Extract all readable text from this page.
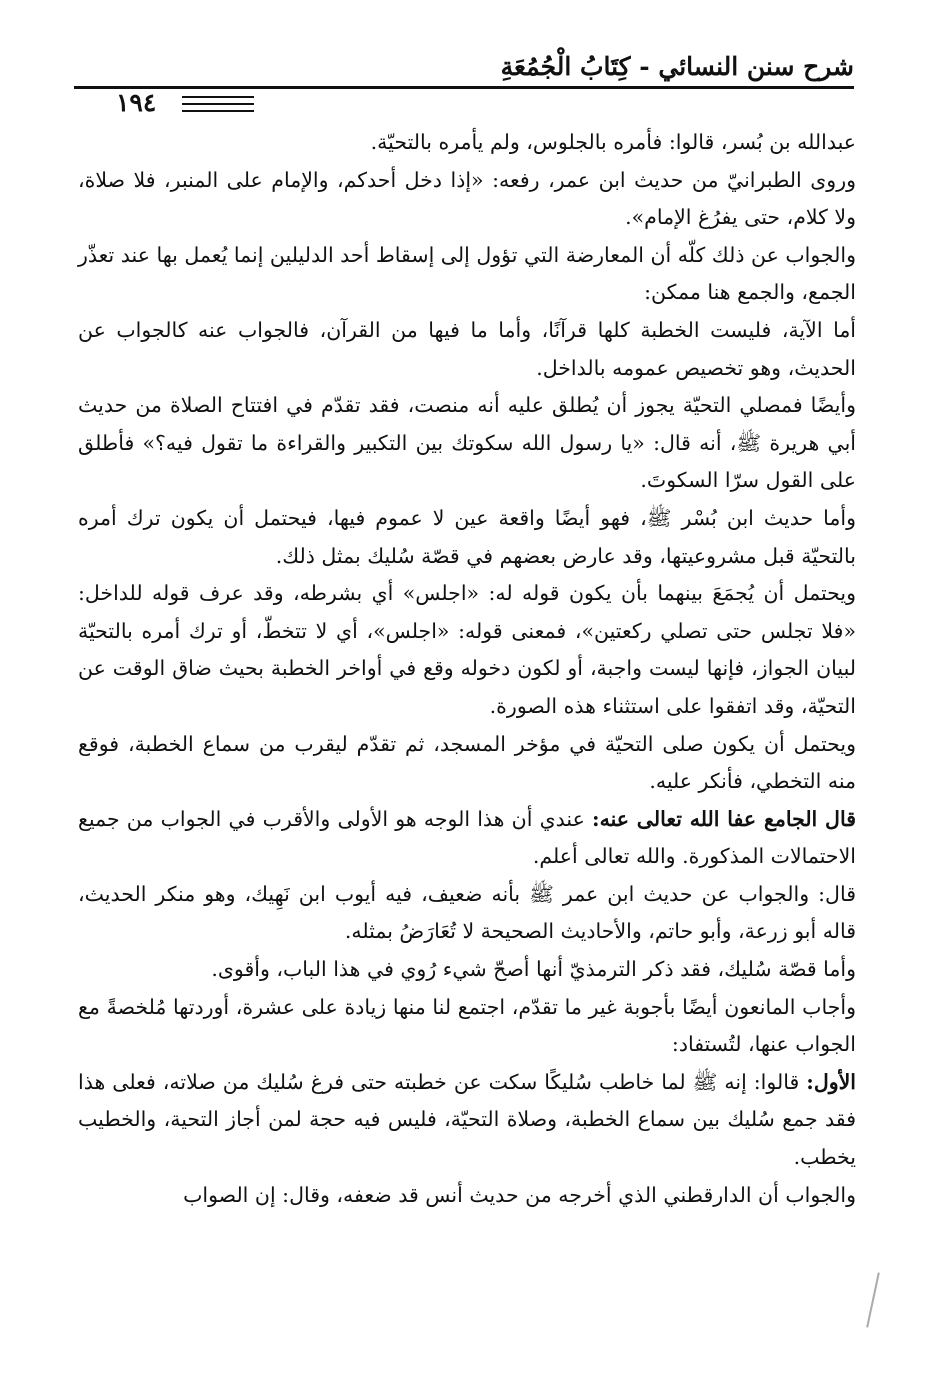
شرح سنن النسائي - كِتَابُ الْجُمُعَةِ
١٩٤

عبدالله بن بُسر، قالوا: فأمره بالجلوس، ولم يأمره بالتحيّة.

وروى الطبرانيّ من حديث ابن عمر، رفعه: «إذا دخل أحدكم، والإمام على المنبر، فلا صلاة، ولا كلام، حتى يفرُغ الإمام».

والجواب عن ذلك كلّه أن المعارضة التي تؤول إلى إسقاط أحد الدليلين إنما يُعمل بها عند تعذّر الجمع، والجمع هنا ممكن:

أما الآية، فليست الخطبة كلها قرآنًا، وأما ما فيها من القرآن، فالجواب عنه كالجواب عن الحديث، وهو تخصيص عمومه بالداخل.

وأيضًا فمصلي التحيّة يجوز أن يُطلق عليه أنه منصت، فقد تقدّم في افتتاح الصلاة من حديث أبي هريرة ﷺ، أنه قال: «يا رسول الله سكوتك بين التكبير والقراءة ما تقول فيه؟» فأطلق على القول سرّا السكوتَ.

وأما حديث ابن بُسْر ﷺ، فهو أيضًا واقعة عين لا عموم فيها، فيحتمل أن يكون ترك أمره بالتحيّة قبل مشروعيتها، وقد عارض بعضهم في قصّة سُليك بمثل ذلك.

ويحتمل أن يُجمَعَ بينهما بأن يكون قوله له: «اجلس» أي بشرطه، وقد عرف قوله للداخل: «فلا تجلس حتى تصلي ركعتين»، فمعنى قوله: «اجلس»، أي لا تتخطّ، أو ترك أمره بالتحيّة لبيان الجواز، فإنها ليست واجبة، أو لكون دخوله وقع في أواخر الخطبة بحيث ضاق الوقت عن التحيّة، وقد اتفقوا على استثناء هذه الصورة.

ويحتمل أن يكون صلى التحيّة في مؤخر المسجد، ثم تقدّم ليقرب من سماع الخطبة، فوقع منه التخطي، فأنكر عليه.

قال الجامع عفا الله تعالى عنه: عندي أن هذا الوجه هو الأولى والأقرب في الجواب من جميع الاحتمالات المذكورة. والله تعالى أعلم.

قال: والجواب عن حديث ابن عمر ﷺ بأنه ضعيف، فيه أيوب ابن نَهِيك، وهو منكر الحديث، قاله أبو زرعة، وأبو حاتم، والأحاديث الصحيحة لا تُعَارَضُ بمثله.

وأما قصّة سُليك، فقد ذكر الترمذيّ أنها أصحّ شيء رُوي في هذا الباب، وأقوى.

وأجاب المانعون أيضًا بأجوبة غير ما تقدّم، اجتمع لنا منها زيادة على عشرة، أوردتها مُلخصةً مع الجواب عنها، لتُستفاد:

الأول: قالوا: إنه ﷺ لما خاطب سُليكًا سكت عن خطبته حتى فرغ سُليك من صلاته، فعلى هذا فقد جمع سُليك بين سماع الخطبة، وصلاة التحيّة، فليس فيه حجة لمن أجاز التحية، والخطيب يخطب.

والجواب أن الدارقطني الذي أخرجه من حديث أنس قد ضعفه، وقال: إن الصواب
